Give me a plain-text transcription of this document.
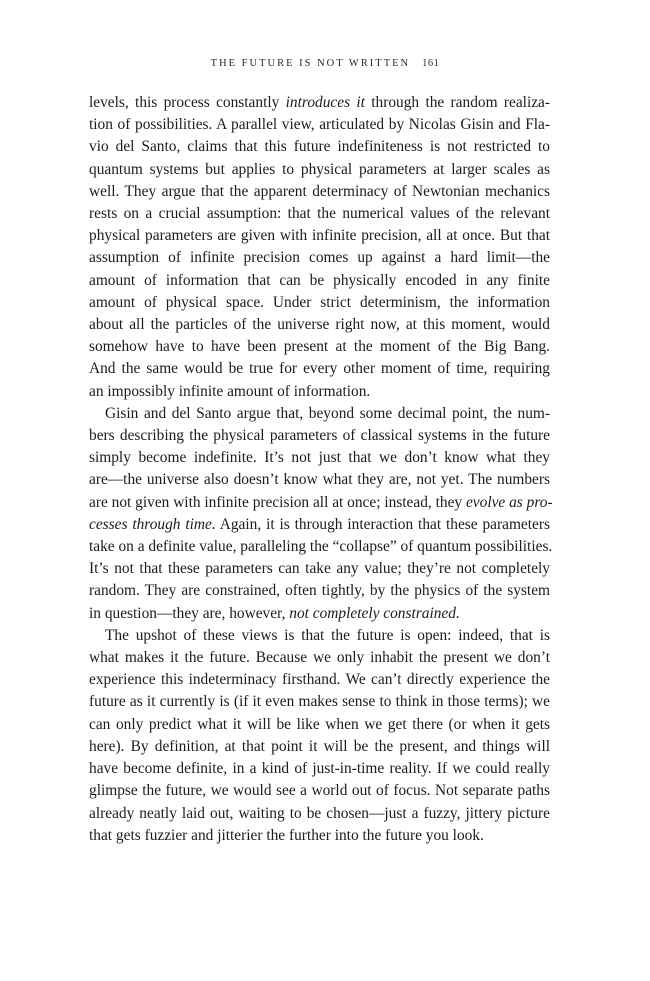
THE FUTURE IS NOT WRITTEN 161

levels, this process constantly introduces it through the random realiza-
tion of possibilities. A parallel view, articulated by Nicolas Gisin and Fla-
vio del Santo, claims that this future indefiniteness is not restricted to
quantum systems but applies to physical parameters at larger scales as
well. They argue that the apparent determinacy of Newtonian mechanics
rests on a crucial assumption: that the numerical values of the relevant
physical parameters are given with infinite precision, all at once. But that
assumption of infinite precision comes up against a hard limit—the
amount of information that can be physically encoded in any finite
amount of physical space. Under strict determinism, the information
about all the particles of the universe right now, at this moment, would
somehow have to have been present at the moment of the Big Bang.
And the same would be true for every other moment of time, requiring
an impossibly infinite amount of information.

Gisin and del Santo argue that, beyond some decimal point, the num-
bers describing the physical parameters of classical systems in the future
simply become indefinite. It’s not just that we don’t know what they
are—the universe also doesn’t know what they are, not yet. The numbers
are not given with infinite precision all at once; instead, they evolve as pro-
cesses through time. Again, it is through interaction that these parameters
take on a definite value, paralleling the “collapse” of quantum possibilities.
It’s not that these parameters can take any value; they’re not completely
random. They are constrained, often tightly, by the physics of the system
in question—they are, however, not completely constrained.

The upshot of these views is that the future is open: indeed, that is
what makes it the future. Because we only inhabit the present we don’t
experience this indeterminacy firsthand. We can’t directly experience the
future as it currently is (if it even makes sense to think in those terms); we
can only predict what it will be like when we get there (or when it gets
here). By definition, at that point it will be the present, and things will
have become definite, in a kind of just-in-time reality. If we could really
glimpse the future, we would see a world out of focus. Not separate paths
already neatly laid out, waiting to be chosen—just a fuzzy, jittery picture
that gets fuzzier and jitterier the further into the future you look.
